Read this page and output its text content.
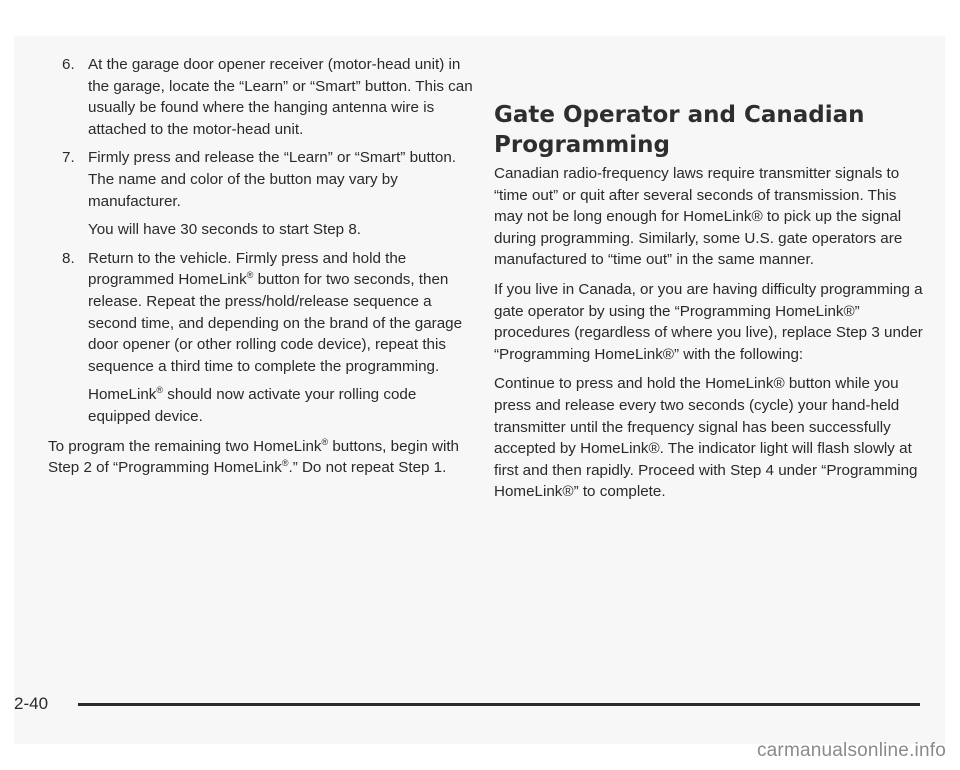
6. At the garage door opener receiver (motor-head unit) in the garage, locate the “Learn” or “Smart” button. This can usually be found where the hanging antenna wire is attached to the motor-head unit.

7. Firmly press and release the “Learn” or “Smart” button. The name and color of the button may vary by manufacturer.

You will have 30 seconds to start Step 8.

8. Return to the vehicle. Firmly press and hold the programmed HomeLink® button for two seconds, then release. Repeat the press/hold/release sequence a second time, and depending on the brand of the garage door opener (or other rolling code device), repeat this sequence a third time to complete the programming.

HomeLink® should now activate your rolling code equipped device.

To program the remaining two HomeLink® buttons, begin with Step 2 of “Programming HomeLink®.” Do not repeat Step 1.

Gate Operator and Canadian Programming

Canadian radio-frequency laws require transmitter signals to “time out” or quit after several seconds of transmission. This may not be long enough for HomeLink® to pick up the signal during programming. Similarly, some U.S. gate operators are manufactured to “time out” in the same manner.

If you live in Canada, or you are having difficulty programming a gate operator by using the “Programming HomeLink®” procedures (regardless of where you live), replace Step 3 under “Programming HomeLink®” with the following:

Continue to press and hold the HomeLink® button while you press and release every two seconds (cycle) your hand-held transmitter until the frequency signal has been successfully accepted by HomeLink®. The indicator light will flash slowly at first and then rapidly. Proceed with Step 4 under “Programming HomeLink®” to complete.

2-40
carmanualsonline.info
